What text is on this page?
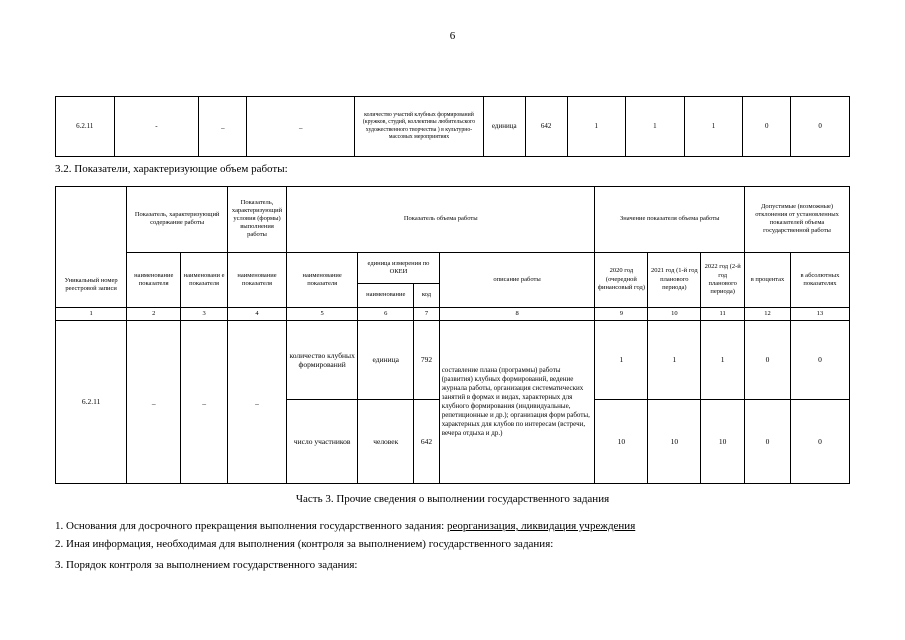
6
6.2.11	-	_	_	количество участий клубных формирований (кружков, студий, коллективы любительского художественного творчества ) в культурно-массовых мероприятиях	единица	642	1	1	1	0	0
3.2. Показатели, характеризующие объем работы:
Уникальный номер реестровой записи	Показатель, характеризующий содержание работы		Показатель, характеризующий условия (формы) выполнения работы	Показатель объема работы				Значение показателя объема работы			Допустимые (возможные) отклонения от установленных показателей объема государственной работы	
	наименование показателя	наименовани е показателя	наименование показателя	наименование показателя	единица измерения по ОКЕИ		описание работы	2020 год (очередной финансовый год)	2021 год (1-й год планового периода)	2022 год (2-й год планового периода)	в процентах	в абсолютных показателях
					наименование	код						
1	2	3	4	5	6	7	8	9	10	11	12	13
6.2.11	_	_	_	количество клубных формирований	единица	792	составление плана (программы) работы (развития) клубных формирований, ведение журнала работы, организация систематических занятий в формах и видах, характерных для клубного формирования (индивидуальные, репетиционные и др.); организация форм работы, характерных для клубов по интересам (встречи, вечера отдыха и др.)	1	1	1	0	0
				число участников	человек	642		10	10	10	0	0
Часть 3. Прочие сведения о выполнении государственного задания
1. Основания для досрочного прекращения выполнения государственного задания: реорганизация, ликвидация учреждения
2. Иная информация, необходимая для выполнения (контроля за выполнением) государственного задания:
3. Порядок контроля за выполнением государственного задания:
